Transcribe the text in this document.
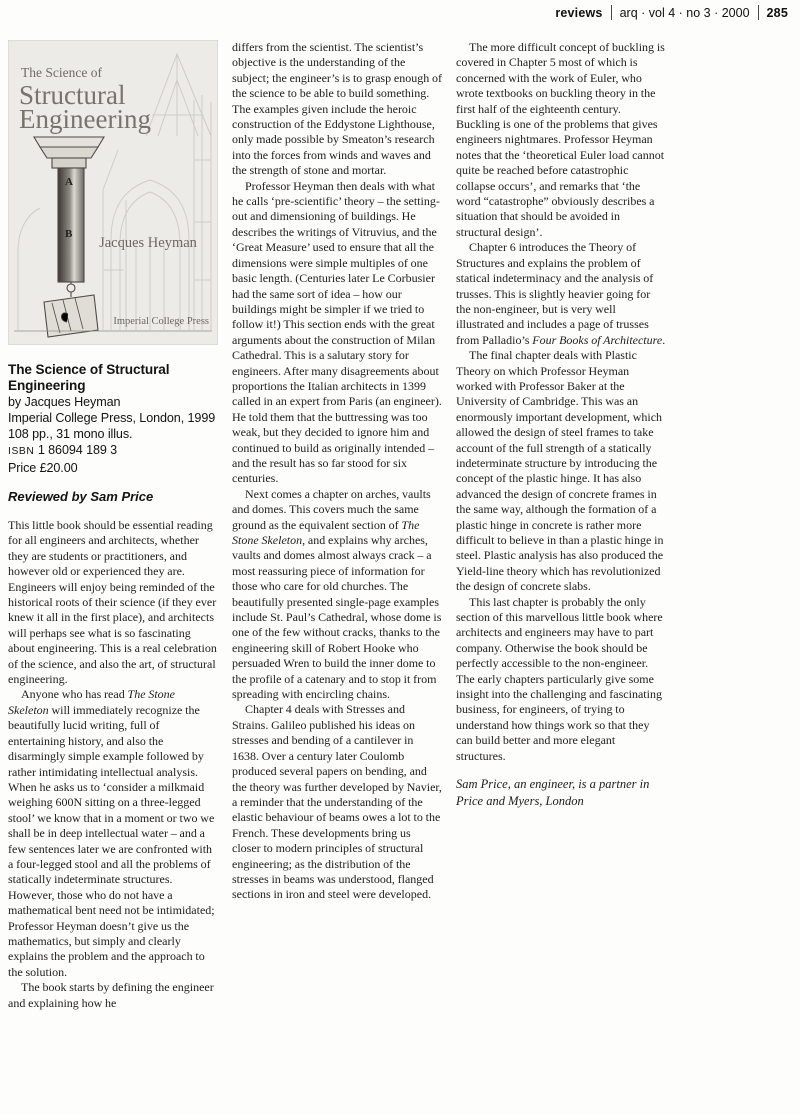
reviews	arq · vol 4 · no 3 · 2000	285
A
B
The Science of
Structural
Engineering
Jacques Heyman
Imperial College Press
The Science of Structural Engineering
by Jacques Heyman
Imperial College Press, London, 1999
108 pp., 31 mono illus.
ISBN 1 86094 189 3
Price £20.00
Reviewed by Sam Price

This little book should be essential reading for all engineers and architects, whether they are students or practitioners, and however old or experienced they are. Engineers will enjoy being reminded of the historical roots of their science (if they ever knew it all in the first place), and architects will perhaps see what is so fascinating about engineering. This is a real celebration of the science, and also the art, of structural engineering.

Anyone who has read The Stone Skeleton will immediately recognize the beautifully lucid writing, full of entertaining history, and also the disarmingly simple example followed by rather intimidating intellectual analysis. When he asks us to ‘consider a milkmaid weighing 600N sitting on a three-legged stool’ we know that in a moment or two we shall be in deep intellectual water – and a few sentences later we are confronted with a four-legged stool and all the problems of statically indeterminate structures. However, those who do not have a mathematical bent need not be intimidated; Professor Heyman doesn’t give us the mathematics, but simply and clearly explains the problem and the approach to the solution.

The book starts by defining the engineer and explaining how he

differs from the scientist. The scientist’s objective is the understanding of the subject; the engineer’s is to grasp enough of the science to be able to build something. The examples given include the heroic construction of the Eddystone Lighthouse, only made possible by Smeaton’s research into the forces from winds and waves and the strength of stone and mortar.

Professor Heyman then deals with what he calls ‘pre-scientific’ theory – the setting-out and dimensioning of buildings. He describes the writings of Vitruvius, and the ‘Great Measure’ used to ensure that all the dimensions were simple multiples of one basic length. (Centuries later Le Corbusier had the same sort of idea – how our buildings might be simpler if we tried to follow it!) This section ends with the great arguments about the construction of Milan Cathedral. This is a salutary story for engineers. After many disagreements about proportions the Italian architects in 1399 called in an expert from Paris (an engineer). He told them that the buttressing was too weak, but they decided to ignore him and continued to build as originally intended – and the result has so far stood for six centuries.

Next comes a chapter on arches, vaults and domes. This covers much the same ground as the equivalent section of The Stone Skeleton, and explains why arches, vaults and domes almost always crack – a most reassuring piece of information for those who care for old churches. The beautifully presented single-page examples include St. Paul’s Cathedral, whose dome is one of the few without cracks, thanks to the engineering skill of Robert Hooke who persuaded Wren to build the inner dome to the profile of a catenary and to stop it from spreading with encircling chains.

Chapter 4 deals with Stresses and Strains. Galileo published his ideas on stresses and bending of a cantilever in 1638. Over a century later Coulomb produced several papers on bending, and the theory was further developed by Navier, a reminder that the understanding of the elastic behaviour of beams owes a lot to the French. These developments bring us closer to modern principles of structural engineering; as the distribution of the stresses in beams was understood, flanged sections in iron and steel were developed.

The more difficult concept of buckling is covered in Chapter 5 most of which is concerned with the work of Euler, who wrote textbooks on buckling theory in the first half of the eighteenth century. Buckling is one of the problems that gives engineers nightmares. Professor Heyman notes that the ‘theoretical Euler load cannot quite be reached before catastrophic collapse occurs’, and remarks that ‘the word “catastrophe” obviously describes a situation that should be avoided in structural design’.

Chapter 6 introduces the Theory of Structures and explains the problem of statical indeterminacy and the analysis of trusses. This is slightly heavier going for the non-engineer, but is very well illustrated and includes a page of trusses from Palladio’s Four Books of Architecture.

The final chapter deals with Plastic Theory on which Professor Heyman worked with Professor Baker at the University of Cambridge. This was an enormously important development, which allowed the design of steel frames to take account of the full strength of a statically indeterminate structure by introducing the concept of the plastic hinge. It has also advanced the design of concrete frames in the same way, although the formation of a plastic hinge in concrete is rather more difficult to believe in than a plastic hinge in steel. Plastic analysis has also produced the Yield-line theory which has revolutionized the design of concrete slabs.

This last chapter is probably the only section of this marvellous little book where architects and engineers may have to part company. Otherwise the book should be perfectly accessible to the non-engineer. The early chapters particularly give some insight into the challenging and fascinating business, for engineers, of trying to understand how things work so that they can build better and more elegant structures.

Sam Price, an engineer, is a partner in Price and Myers, London
